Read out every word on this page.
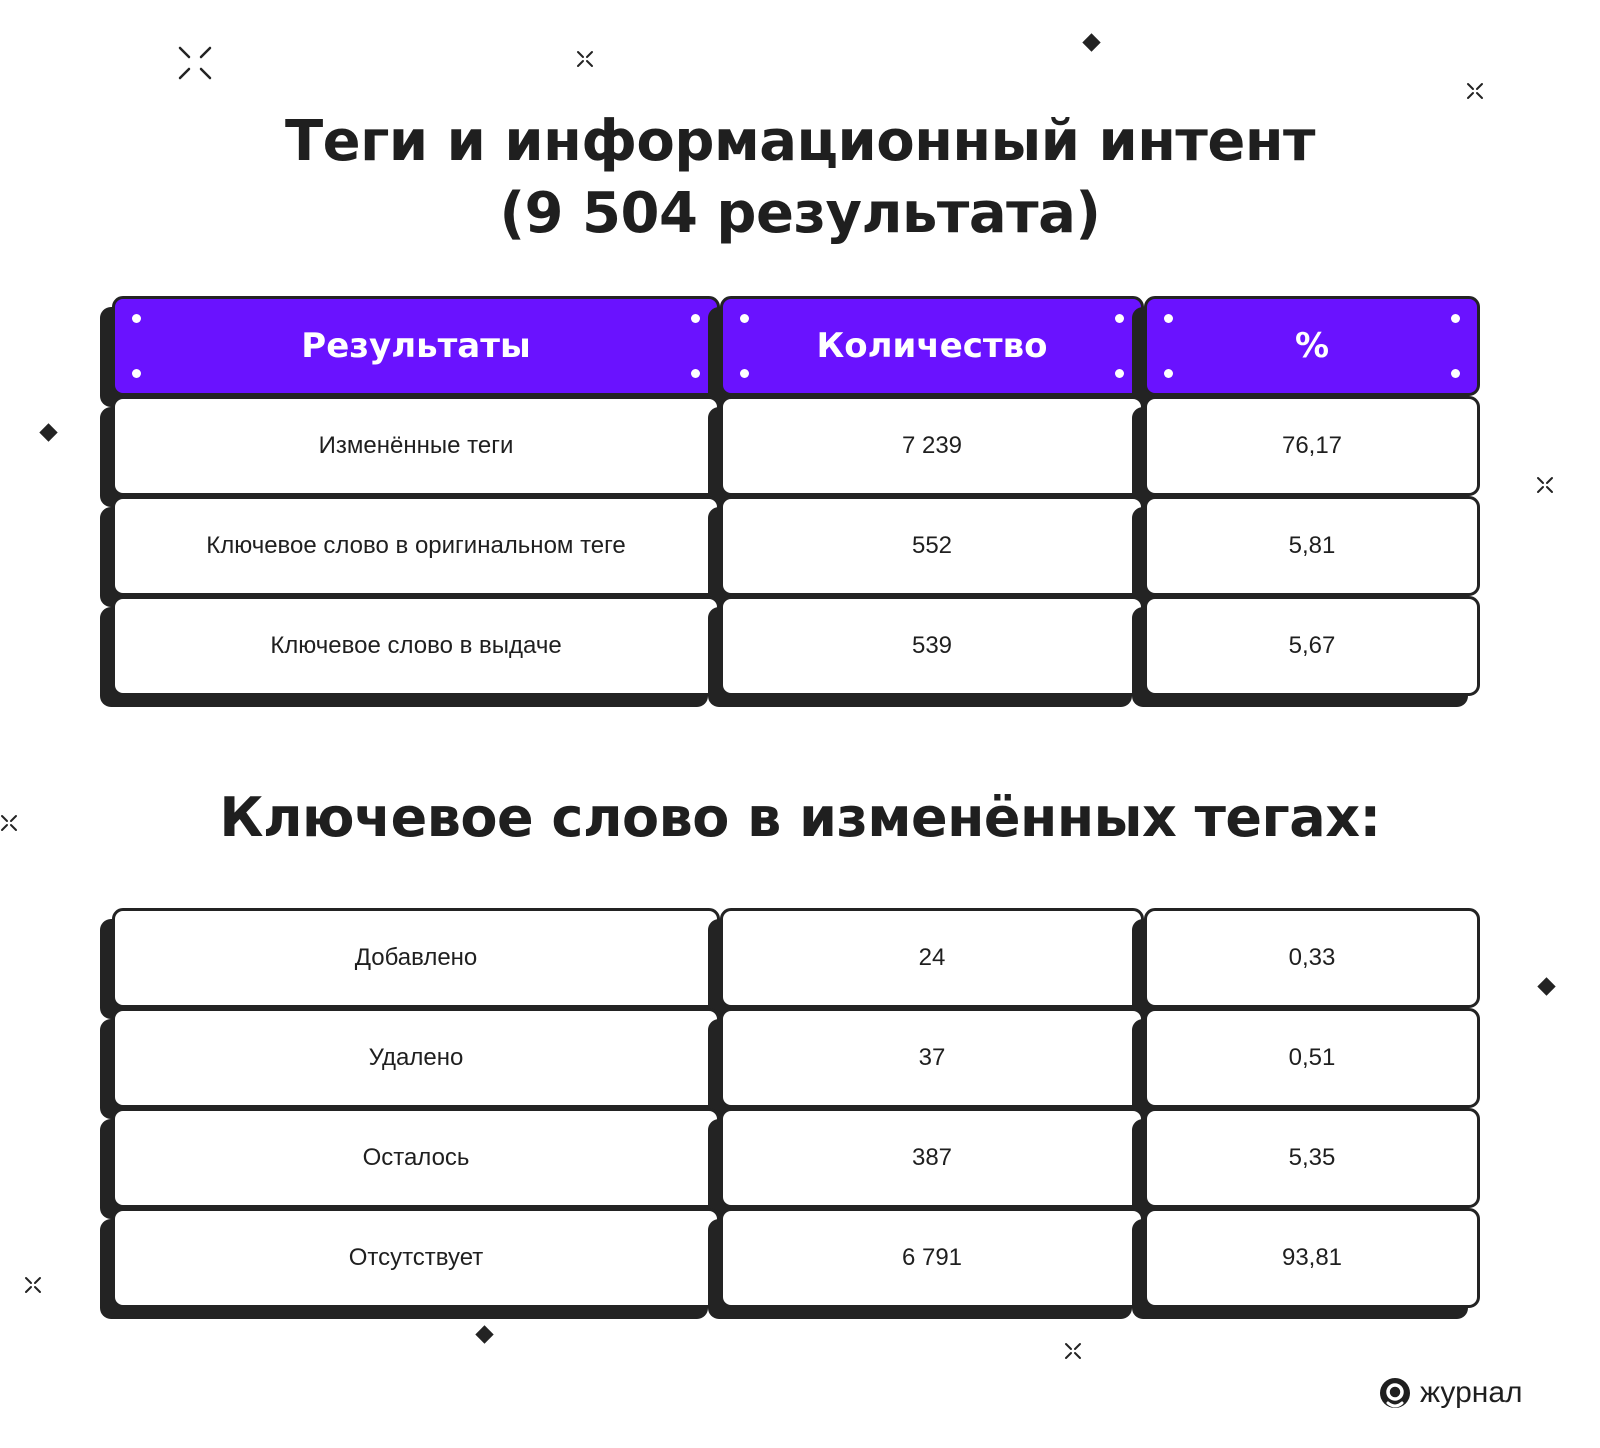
Теги и информационный интент
(9 504 результата)
Результаты	Количество	%
Изменённые теги	7 239	76,17
Ключевое слово в оригинальном теге	552	5,81
Ключевое слово в выдаче	539	5,67
Ключевое слово в изменённых тегах:
Добавлено	24	0,33
Удалено	37	0,51
Осталось	387	5,35
Отсутствует	6 791	93,81
журнал
